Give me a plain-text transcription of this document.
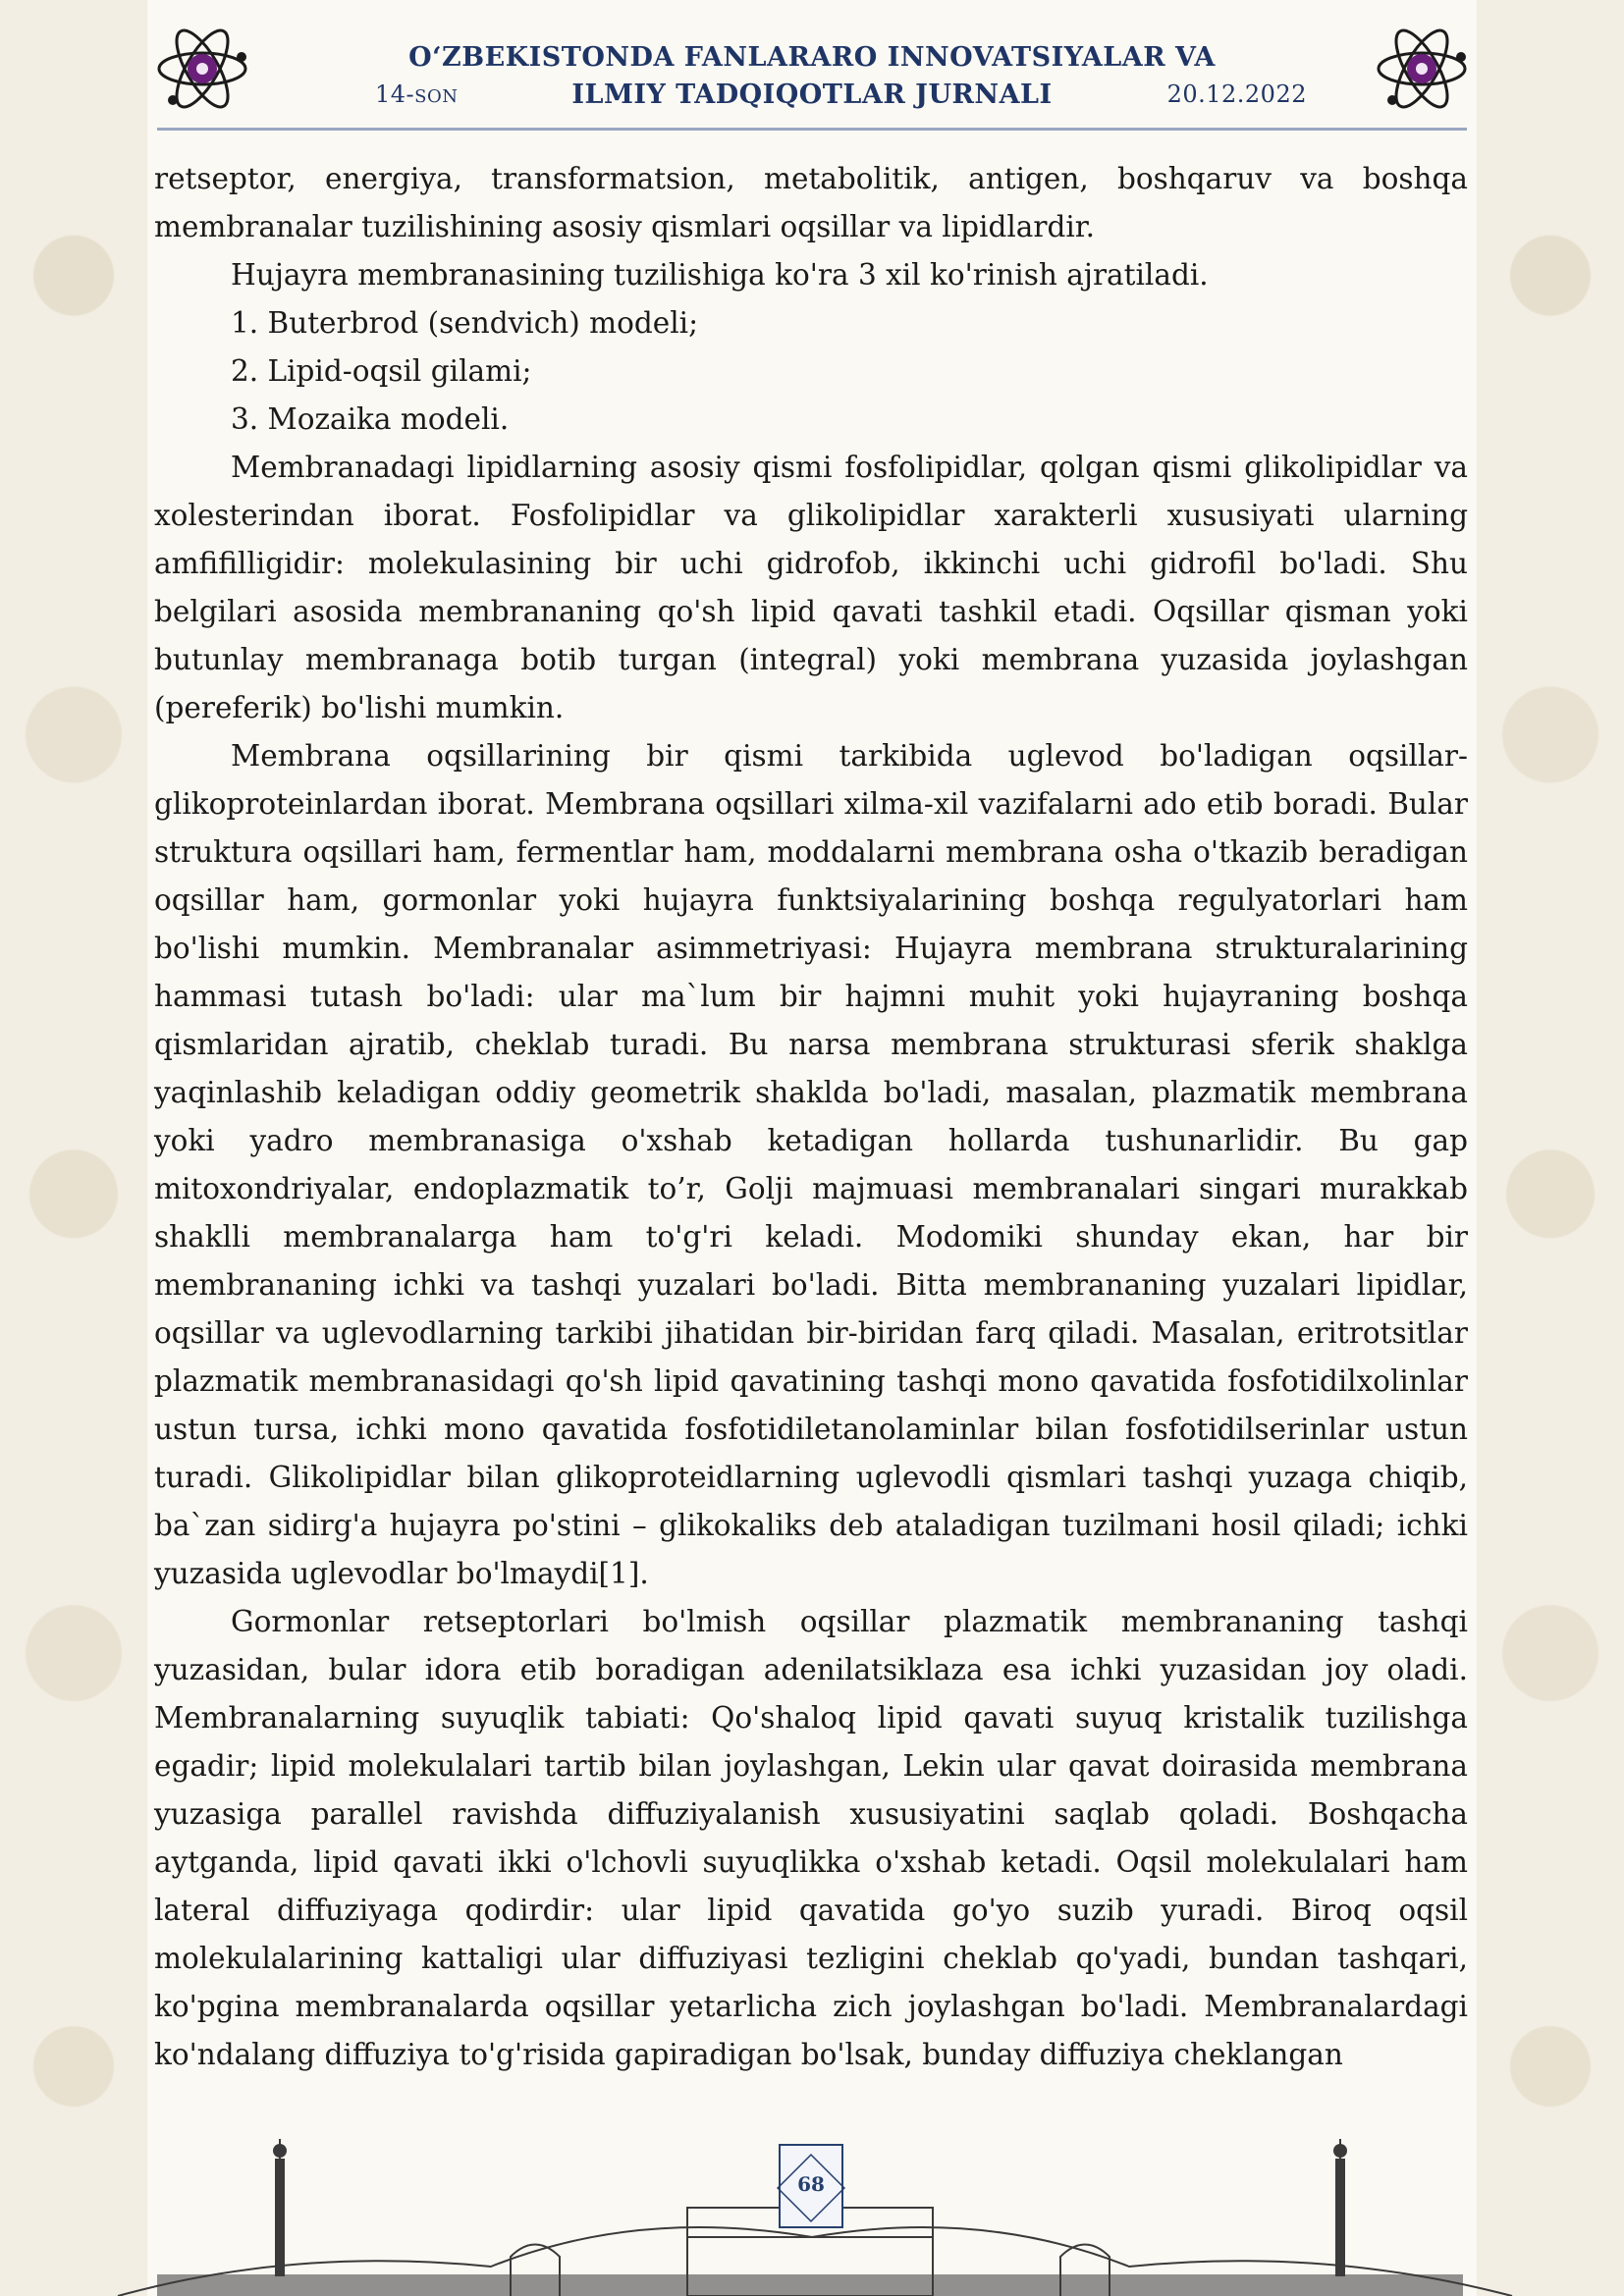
O‘ZBEKISTONDA FANLARARO INNOVATSIYALAR VA
ILMIY TADQIQOTLAR JURNALI
14-SON	20.12.2022

retseptor, energiya, transformatsion, metabolitik, antigen, boshqaruv va boshqa membranalar tuzilishining asosiy qismlari oqsillar va lipidlardir.

Hujayra membranasining tuzilishiga ko'ra 3 xil ko'rinish ajratiladi.

1. Buterbrod (sendvich) modeli;

2. Lipid-oqsil gilami;

3. Mozaika modeli.

Membranadagi lipidlarning asosiy qismi fosfolipidlar, qolgan qismi glikolipidlar va xolesterindan iborat. Fosfolipidlar va glikolipidlar xarakterli xususiyati ularning amfifilligidir: molekulasining bir uchi gidrofob, ikkinchi uchi gidrofil bo'ladi. Shu belgilari asosida membrananing qo'sh lipid qavati tashkil etadi. Oqsillar qisman yoki butunlay membranaga botib turgan (integral) yoki membrana yuzasida joylashgan (pereferik) bo'lishi mumkin.

Membrana oqsillarining bir qismi tarkibida uglevod bo'ladigan oqsillar-glikoproteinlardan iborat. Membrana oqsillari xilma-xil vazifalarni ado etib boradi. Bular struktura oqsillari ham, fermentlar ham, moddalarni membrana osha o'tkazib beradigan oqsillar ham, gormonlar yoki hujayra funktsiyalarining boshqa regulyatorlari ham bo'lishi mumkin. Membranalar asimmetriyasi: Hujayra membrana strukturalarining hammasi tutash bo'ladi: ular ma`lum bir hajmni muhit yoki hujayraning boshqa qismlaridan ajratib, cheklab turadi. Bu narsa membrana strukturasi sferik shaklga yaqinlashib keladigan oddiy geometrik shaklda bo'ladi, masalan, plazmatik membrana yoki yadro membranasiga o'xshab ketadigan hollarda tushunarlidir. Bu gap mitoxondriyalar, endoplazmatik to’r, Golji majmuasi membranalari singari murakkab shaklli membranalarga ham to'g'ri keladi. Modomiki shunday ekan, har bir membrananing ichki va tashqi yuzalari bo'ladi. Bitta membrananing yuzalari lipidlar, oqsillar va uglevodlarning tarkibi jihatidan bir-biridan farq qiladi. Masalan, eritrotsitlar plazmatik membranasidagi qo'sh lipid qavatining tashqi mono qavatida fosfotidilxolinlar ustun tursa, ichki mono qavatida fosfotidiletanolaminlar bilan fosfotidilserinlar ustun turadi. Glikolipidlar bilan glikoproteidlarning uglevodli qismlari tashqi yuzaga chiqib, ba`zan sidirg'a hujayra po'stini – glikokaliks deb ataladigan tuzilmani hosil qiladi; ichki yuzasida uglevodlar bo'lmaydi[1].

Gormonlar retseptorlari bo'lmish oqsillar plazmatik membrananing tashqi yuzasidan, bular idora etib boradigan adenilatsiklaza esa ichki yuzasidan joy oladi. Membranalarning suyuqlik tabiati: Qo'shaloq lipid qavati suyuq kristalik tuzilishga egadir; lipid molekulalari tartib bilan joylashgan, Lekin ular qavat doirasida membrana yuzasiga parallel ravishda diffuziyalanish xususiyatini saqlab qoladi. Boshqacha aytganda, lipid qavati ikki o'lchovli suyuqlikka o'xshab ketadi. Oqsil molekulalari ham lateral diffuziyaga qodirdir: ular lipid qavatida go'yo suzib yuradi. Biroq oqsil molekulalarining kattaligi ular diffuziyasi tezligini cheklab qo'yadi, bundan tashqari, ko'pgina membranalarda oqsillar yetarlicha zich joylashgan bo'ladi. Membranalardagi ko'ndalang diffuziya to'g'risida gapiradigan bo'lsak, bunday diffuziya cheklangan

68
